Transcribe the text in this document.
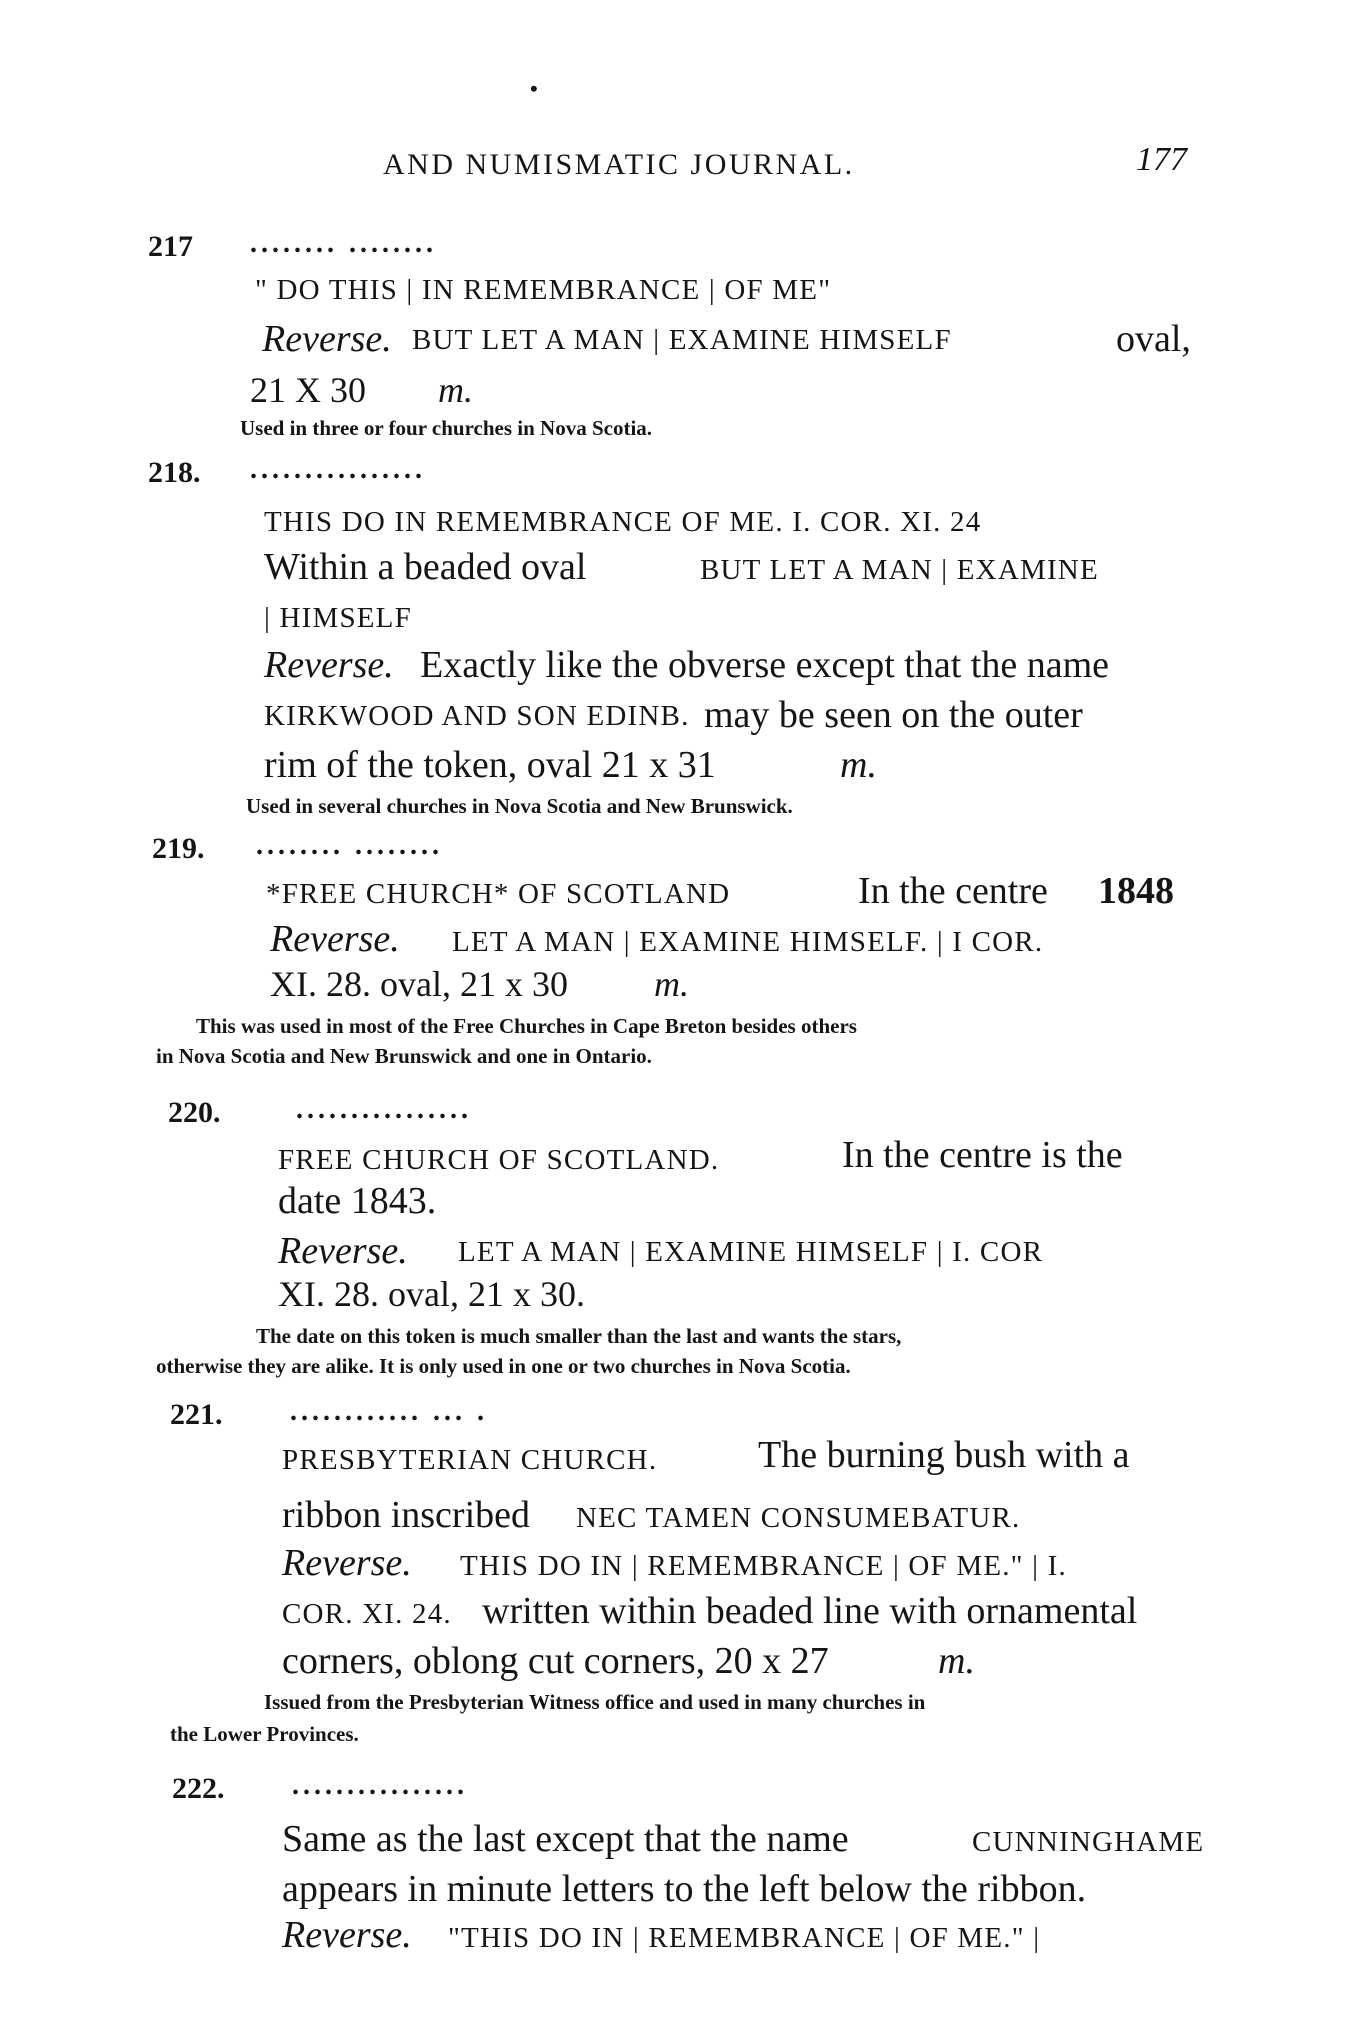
•
AND NUMISMATIC JOURNAL.	177
217 ........ ........
" DO THIS | IN REMEMBRANCE | OF ME"
Reverse. BUT LET A MAN | EXAMINE HIMSELF	oval,
21 X 30 m.
Used in three or four churches in Nova Scotia.
218. ................
THIS DO IN REMEMBRANCE OF ME. I. COR. XI. 24
Within a beaded oval	BUT LET A MAN | EXAMINE
| HIMSELF
Reverse. Exactly like the obverse except that the name
KIRKWOOD AND SON EDINB. may be seen on the outer
rim of the token, oval 21 x 31	m.
Used in several churches in Nova Scotia and New Brunswick.
219. ........ ........
*FREE CHURCH* OF SCOTLAND	In the centre 1848
Reverse. LET A MAN | EXAMINE HIMSELF. | I COR.
XI. 28. oval, 21 x 30 m.
This was used in most of the Free Churches in Cape Breton besides others
in Nova Scotia and New Brunswick and one in Ontario.
220.	................
FREE CHURCH OF SCOTLAND.	In the centre is the
date 1843.
Reverse. LET A MAN | EXAMINE HIMSELF | I. COR
XI. 28. oval, 21 x 30.
The date on this token is much smaller than the last and wants the stars,
otherwise they are alike. It is only used in one or two churches in Nova Scotia.
221. ............ ... .
PRESBYTERIAN CHURCH.	The burning bush with a
ribbon inscribed NEC TAMEN CONSUMEBATUR.
Reverse. THIS DO IN | REMEMBRANCE | OF ME." | I.
COR. XI. 24. written within beaded line with ornamental
corners, oblong cut corners, 20 x 27	m.
Issued from the Presbyterian Witness office and used in many churches in
the Lower Provinces.
222. ................
Same as the last except that the name	CUNNINGHAME
appears in minute letters to the left below the ribbon.
Reverse. "THIS DO IN | REMEMBRANCE | OF ME." |
